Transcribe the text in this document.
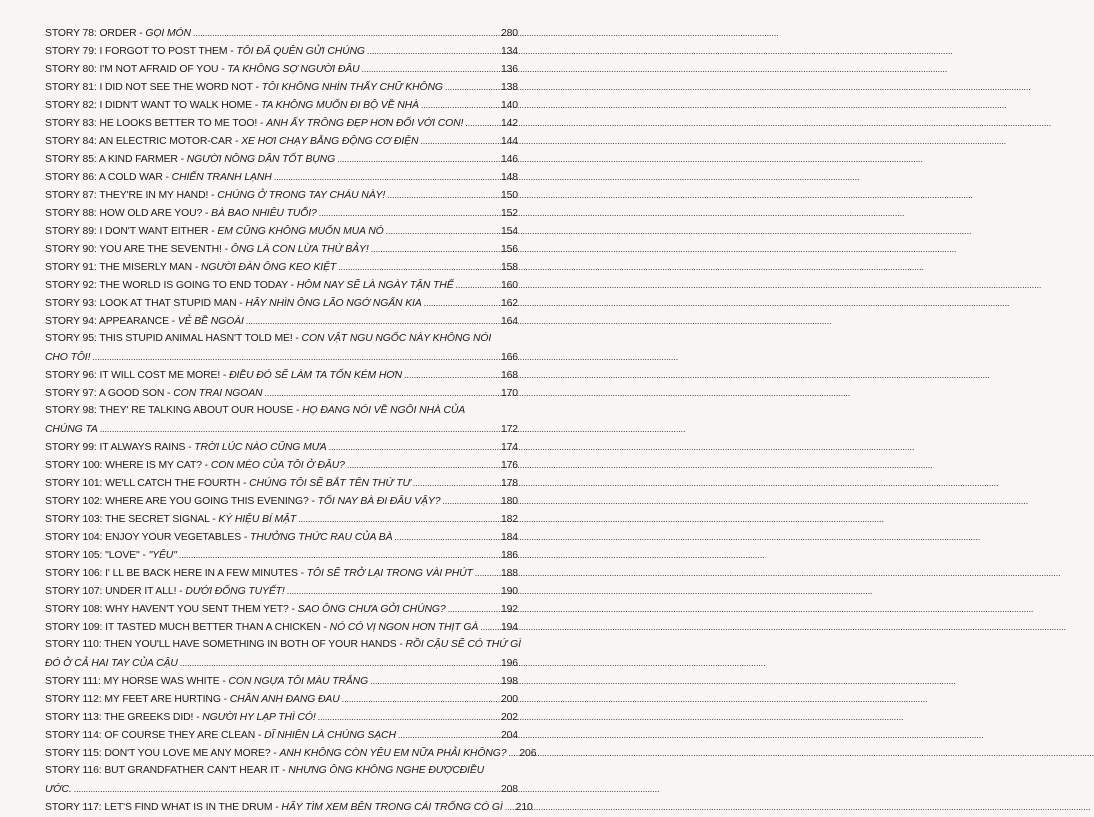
STORY 78: ORDER - GỌI MÓN .....	280
STORY 79: I FORGOT TO POST THEM - TÔI ĐÃ QUÊN GỬI CHÚNG .....	134
STORY 80: I'M NOT AFRAID OF YOU - TA KHÔNG SỢ NGƯỜI ĐÂU .....	136
STORY 81: I DID NOT SEE THE WORD NOT - TÔI KHÔNG NHÌN THẤY CHỮ KHÔNG .....	138
STORY 82: I DIDN'T WANT TO WALK HOME - TA KHÔNG MUỐN ĐI BỘ VỀ NHÀ .....	140
STORY 83: HE LOOKS BETTER TO ME TOO! - ANH ẤY TRÔNG ĐẸP HƠN ĐỐI VỚI CON! .....	142
STORY 84: AN ELECTRIC MOTOR-CAR - XE HƠI CHẠY BẰNG ĐỘNG CƠ ĐIỆN .....	144
STORY 85: A KIND FARMER - NGƯỜI NÔNG DÂN TỐT BỤNG .....	146
STORY 86: A COLD WAR - CHIẾN TRANH LẠNH .....	148
STORY 87: THEY'RE IN MY HAND! - CHÚNG Ở TRONG TAY CHÁU NÀY! .....	150
STORY 88: HOW OLD ARE YOU? - BÀ BAO NHIÊU TUỔI? .....	152
STORY 89: I DON'T WANT EITHER - EM CŨNG KHÔNG MUỐN MUA NÓ .....	154
STORY 90: YOU ARE THE SEVENTH! - ÔNG LÀ CON LỪA THỨ BẢY! .....	156
STORY 91: THE MISERLY MAN - NGƯỜI ĐÀN ÔNG KEO KIỆT .....	158
STORY 92: THE WORLD IS GOING TO END TODAY - HÔM NAY SẼ LÀ NGÀY TẬN THẾ .....	160
STORY 93: LOOK AT THAT STUPID MAN - HÃY NHÌN ÔNG LÃO NGỚ NGẨN KIA .....	162
STORY 94: APPEARANCE - VẺ BỀ NGOÀI .....	164
STORY 95: THIS STUPID ANIMAL HASN'T TOLD ME! - CON VẬT NGU NGỐC NÀY KHÔNG NÓI
CHO TÔI! .....	166
STORY 96: IT WILL COST ME MORE! - ĐIỀU ĐÓ SẼ LÀM TA TỐN KÉM HƠN .....	168
STORY 97: A GOOD SON - CON TRAI NGOAN .....	170
STORY 98: THEY' RE TALKING ABOUT OUR HOUSE - HỌ ĐANG NÓI VỀ NGÔI NHÀ CỦA
CHÚNG TA .....	172
STORY 99: IT ALWAYS RAINS - TRỜI LÚC NÀO CŨNG MƯA .....	174
STORY 100: WHERE IS MY CAT? - CON MÈO CỦA TÔI Ở ĐÂU? .....	176
STORY 101: WE'LL CATCH THE FOURTH - CHÚNG TÔI SẼ BẮT TÊN THỨ TƯ .....	178
STORY 102: WHERE ARE YOU GOING THIS EVENING? - TỐI NAY BÀ ĐI ĐÂU VẬY? .....	180
STORY 103: THE SECRET SIGNAL - KÝ HIỆU BÍ MẬT .....	182
STORY 104: ENJOY YOUR VEGETABLES - THƯỞNG THỨC RAU CỦA BÀ .....	184
STORY 105: "LOVE" - "YÊU" .....	186
STORY 106: I' LL BE BACK HERE IN A FEW MINUTES - TÔI SẼ TRỞ LẠI TRONG VÀI PHÚT .....	188
STORY 107: UNDER IT ALL! - DƯỚI ĐỐNG TUYẾT! .....	190
STORY 108: WHY HAVEN'T YOU SENT THEM YET? - SAO ÔNG CHƯA GỞI CHÚNG? .....	192
STORY 109: IT TASTED MUCH BETTER THAN A CHICKEN - NÓ CÓ VỊ NGON HƠN THỊT GÀ ..... 194
STORY 110: THEN YOU'LL HAVE SOMETHING IN BOTH OF YOUR HANDS - RỒI CẬU SẼ CÓ THỨ GÌ
ĐÓ Ở CẢ HAI TAY CỦA CẬU .....	196
STORY 111: MY HORSE WAS WHITE - CON NGỰA TÔI MÀU TRẮNG .....	198
STORY 112: MY FEET ARE HURTING - CHÂN ANH ĐANG ĐAU .....	200
STORY 113: THE GREEKS DID! - NGƯỜI HY LẠP THÌ CÓ! .....	202
STORY 114: OF COURSE THEY ARE CLEAN - DĨ NHIÊN LÀ CHÚNG SẠCH .....	204
STORY 115: DON'T YOU LOVE ME ANY MORE? - ANH KHÔNG CÒN YÊU EM NỮA PHẢI KHÔNG? ..... 206
STORY 116: BUT GRANDFATHER CAN'T HEAR IT - NHƯNG ÔNG KHÔNG NGHE ĐƯỢCĐIỀU
ƯỚC. .....	208
STORY 117: LET'S FIND WHAT IS IN THE DRUM - HÃY TÌM XEM BÊN TRONG CÁI TRỐNG CÓ GÌ ..... 210
